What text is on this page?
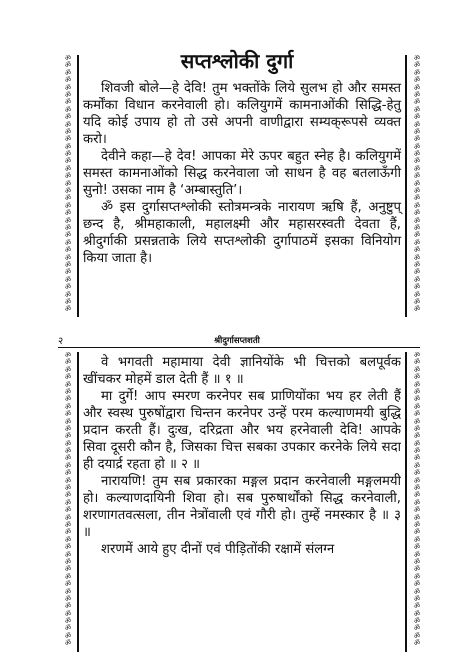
ॐ
ॐ
ॐ
ॐ
ॐ
ॐ
ॐ
ॐ
ॐ
ॐ
ॐ
ॐ
ॐ
ॐ
ॐ
ॐ
ॐ
ॐ
ॐ
ॐ
ॐ
ॐ
ॐ
ॐ
ॐ
ॐ
ॐ
ॐ
ॐ
ॐ
ॐ
ॐ
ॐ
ॐ
ॐ
ॐ
ॐ
ॐ
ॐ
ॐ
ॐ
ॐ
ॐ
ॐ
ॐ
ॐ
ॐ
ॐ
ॐ
ॐ
ॐ
ॐ
ॐ
ॐ
ॐ
ॐ
ॐ
ॐ
ॐ
ॐ
ॐ
ॐ
ॐ
ॐ
ॐ
ॐ
ॐ
ॐ
ॐ
ॐ
सप्तश्लोकी दुर्गा

शिवजी बोले—हे देवि! तुम भक्तोंके लिये सुलभ हो और समस्त कर्मोंका विधान करनेवाली हो। कलियुगमें कामनाओंकी सिद्धि-हेतु यदि कोई उपाय हो तो उसे अपनी वाणीद्वारा सम्यक्‌रूपसे व्यक्त करो।

देवीने कहा—हे देव! आपका मेरे ऊपर बहुत स्नेह है। कलियुगमें समस्त कामनाओंको सिद्ध करनेवाला जो साधन है वह बतलाऊँगी सुनो! उसका नाम है ‘अम्बास्तुति’।

ॐ इस दुर्गासप्तश्लोकी स्तोत्रमन्त्रके नारायण ऋषि हैं, अनुष्टुप् छन्द है, श्रीमहाकाली, महालक्ष्मी और महासरस्वती देवता हैं, श्रीदुर्गाकी प्रसन्नताके लिये सप्तश्लोकी दुर्गापाठमें इसका विनियोग किया जाता है।

२	श्रीदुर्गासप्तशती
ॐ
ॐ
ॐ
ॐ
ॐ
ॐ
ॐ
ॐ
ॐ
ॐ
ॐ
ॐ
ॐ
ॐ
ॐ
ॐ
ॐ
ॐ
ॐ
ॐ
ॐ
ॐ
ॐ
ॐ
ॐ
ॐ
ॐ
ॐ
ॐ
ॐ
ॐ
ॐ
ॐ
ॐ
ॐ
ॐ
ॐ
ॐ
ॐ
ॐ
ॐ
ॐ
ॐ
ॐ
ॐ
ॐ
ॐ
ॐ
ॐ
ॐ
ॐ
ॐ
ॐ
ॐ
ॐ
ॐ
ॐ
ॐ
ॐ
ॐ
ॐ
ॐ
ॐ
ॐ
ॐ
ॐ
ॐ
ॐ
ॐ
ॐ
ॐ
ॐ
ॐ
ॐ
ॐ
ॐ
ॐ
ॐ
ॐ
ॐ

वे भगवती महामाया देवी ज्ञानियोंके भी चित्तको बलपूर्वक खींचकर मोहमें डाल देती हैं ॥ १ ॥

मा दुर्गे! आप स्मरण करनेपर सब प्राणियोंका भय हर लेती हैं और स्वस्थ पुरुषोंद्वारा चिन्तन करनेपर उन्हें परम कल्याणमयी बुद्धि प्रदान करती हैं। दुःख, दरिद्रता और भय हरनेवाली देवि! आपके सिवा दूसरी कौन है, जिसका चित्त सबका उपकार करनेके लिये सदा ही दयार्द्र रहता हो ॥ २ ॥

नारायणि! तुम सब प्रकारका मङ्गल प्रदान करनेवाली मङ्गलमयी हो। कल्याणदायिनी शिवा हो। सब पुरुषार्थोंको सिद्ध करनेवाली, शरणागतवत्सला, तीन नेत्रोंवाली एवं गौरी हो। तुम्हें नमस्कार है ॥ ३ ॥

शरणमें आये हुए दीनों एवं पीड़ितोंकी रक्षामें संलग्न
